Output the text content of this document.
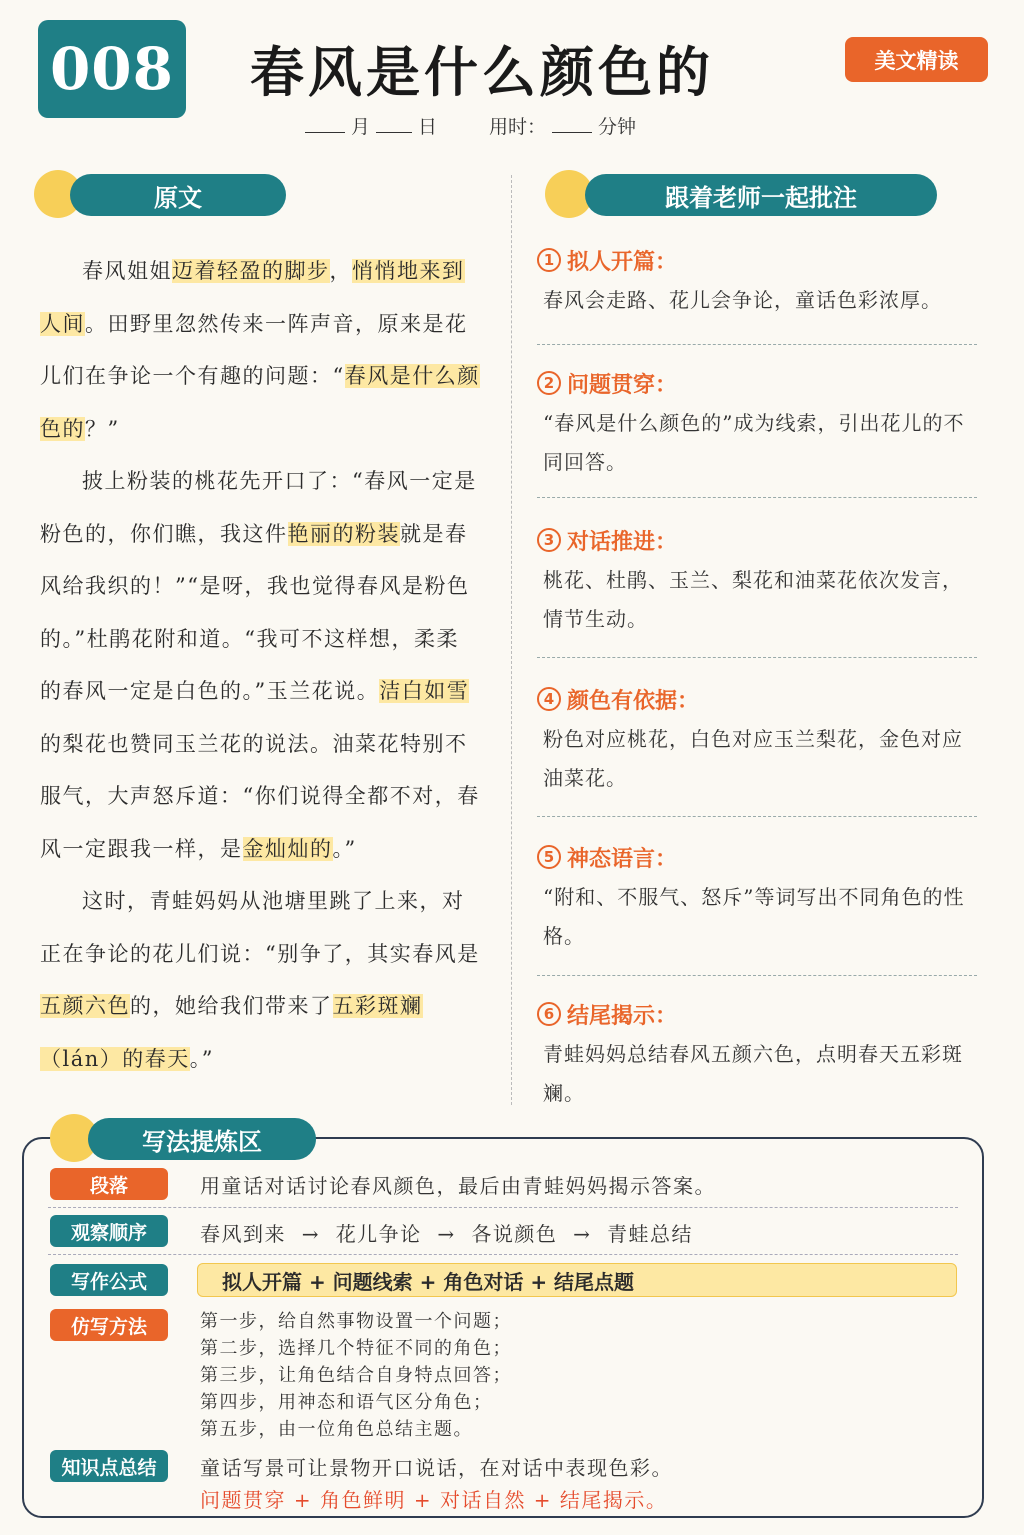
008 春风是什么颜色的	美文精读
月	日	用时：	分钟
原文	跟着老师一起批注

春风姐姐迈着轻盈的脚步，悄悄地来到人间。田野里忽然传来一阵声音，原来是花儿们在争论一个有趣的问题：“春风是什么颜色的？”

披上粉装的桃花先开口了：“春风一定是粉色的，你们瞧，我这件艳丽的粉装就是春风给我织的！”“是呀，我也觉得春风是粉色的。”杜鹃花附和道。“我可不这样想，柔柔的春风一定是白色的。”玉兰花说。洁白如雪的梨花也赞同玉兰花的说法。油菜花特别不服气，大声怒斥道：“你们说得全都不对，春风一定跟我一样，是金灿灿的。”

这时，青蛙妈妈从池塘里跳了上来，对正在争论的花儿们说：“别争了，其实春风是五颜六色的，她给我们带来了五彩斑斓（lán）的春天。”

1 拟人开篇：
春风会走路、花儿会争论，童话色彩浓厚。
2 问题贯穿：
“春风是什么颜色的”成为线索，引出花儿的不同回答。
3 对话推进：
桃花、杜鹃、玉兰、梨花和油菜花依次发言，情节生动。
4 颜色有依据：
粉色对应桃花，白色对应玉兰梨花，金色对应油菜花。
5 神态语言：
“附和、不服气、怒斥”等词写出不同角色的性格。
6 结尾揭示：
青蛙妈妈总结春风五颜六色，点明春天五彩斑斓。
写法提炼区
段落	用童话对话讨论春风颜色，最后由青蛙妈妈揭示答案。
观察顺序	春风到来  →  花儿争论  →  各说颜色  →  青蛙总结
写作公式	拟人开篇 + 问题线索 + 角色对话 + 结尾点题
仿写方法	第一步，给自然事物设置一个问题；
第二步，选择几个特征不同的角色；
第三步，让角色结合自身特点回答；
第四步，用神态和语气区分角色；
第五步，由一位角色总结主题。
知识点总结	童话写景可让景物开口说话，在对话中表现色彩。
问题贯穿 + 角色鲜明 + 对话自然 + 结尾揭示。
